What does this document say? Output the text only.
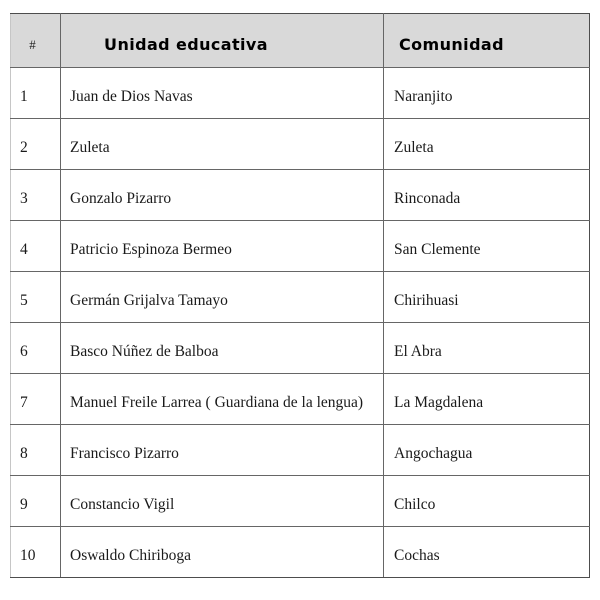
#	Unidad educativa	Comunidad
1	Juan de Dios Navas	Naranjito
2	Zuleta	Zuleta
3	Gonzalo Pizarro	Rinconada
4	Patricio Espinoza Bermeo	San Clemente
5	Germán Grijalva Tamayo	Chirihuasi
6	Basco Núñez de Balboa	El Abra
7	Manuel Freile Larrea ( Guardiana de la lengua)	La Magdalena
8	Francisco Pizarro	Angochagua
9	Constancio Vigil	Chilco
10	Oswaldo Chiriboga	Cochas
